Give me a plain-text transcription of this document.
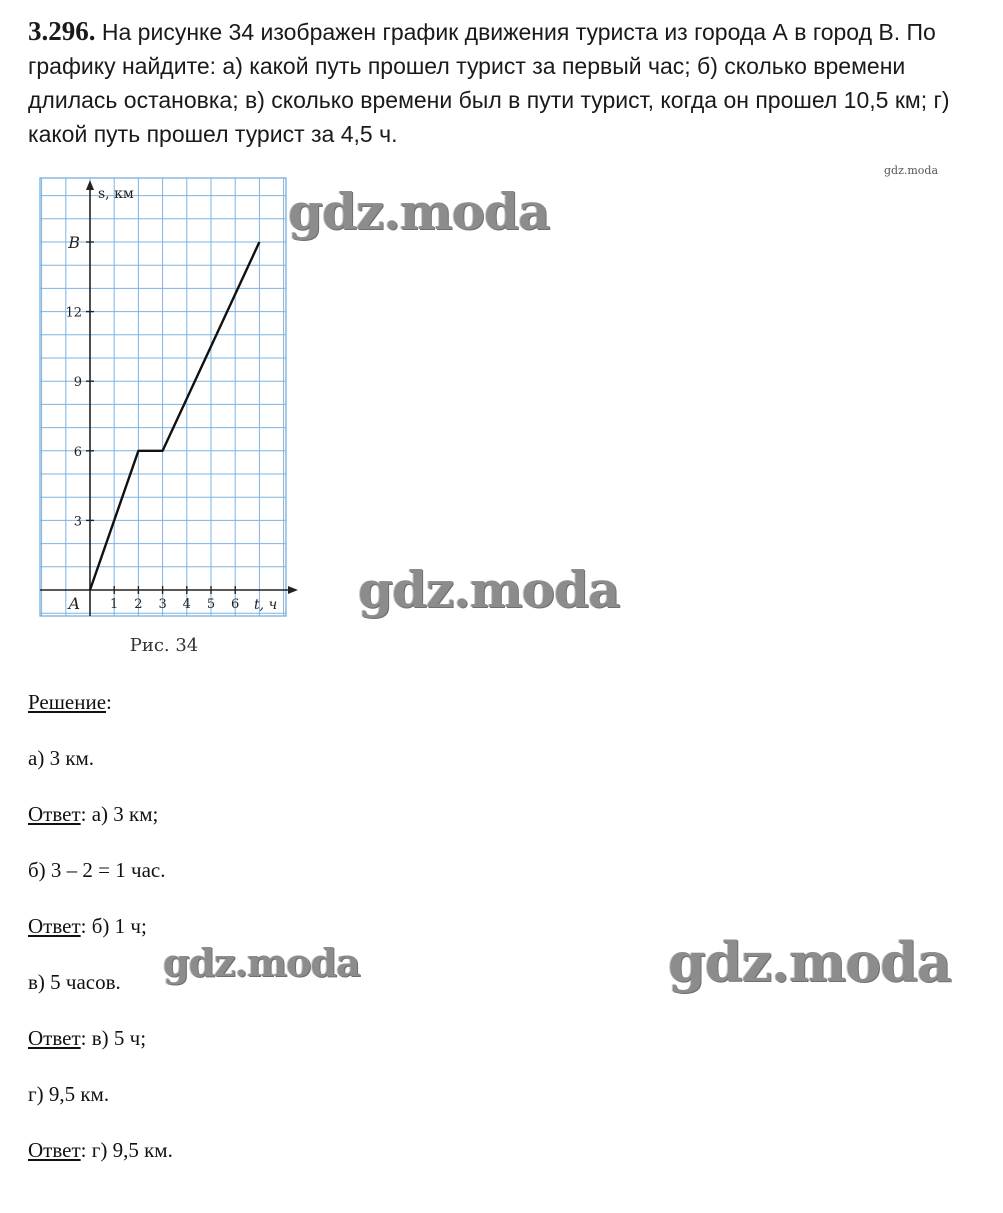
3.296. На рисунке 34 изображен график движения туриста из города А в город В. По графику найдите: а) какой путь прошел турист за первый час; б) сколько времени длилась остановка; в) сколько времени был в пути турист, когда он прошел 10,5 км; г) какой путь прошел турист за 4,5 ч.
gdz.moda
1 2 3 4 5 6
3
6
9
12
B
A
s, км
t, ч
Рис. 34
gdz.moda
gdz.moda
gdz.moda	gdz.moda
Решение:
а) 3 км.
Ответ: а) 3 км;
б) 3 – 2 = 1 час.
Ответ: б) 1 ч;
в) 5 часов.
Ответ: в) 5 ч;
г) 9,5 км.
Ответ: г) 9,5 км.
